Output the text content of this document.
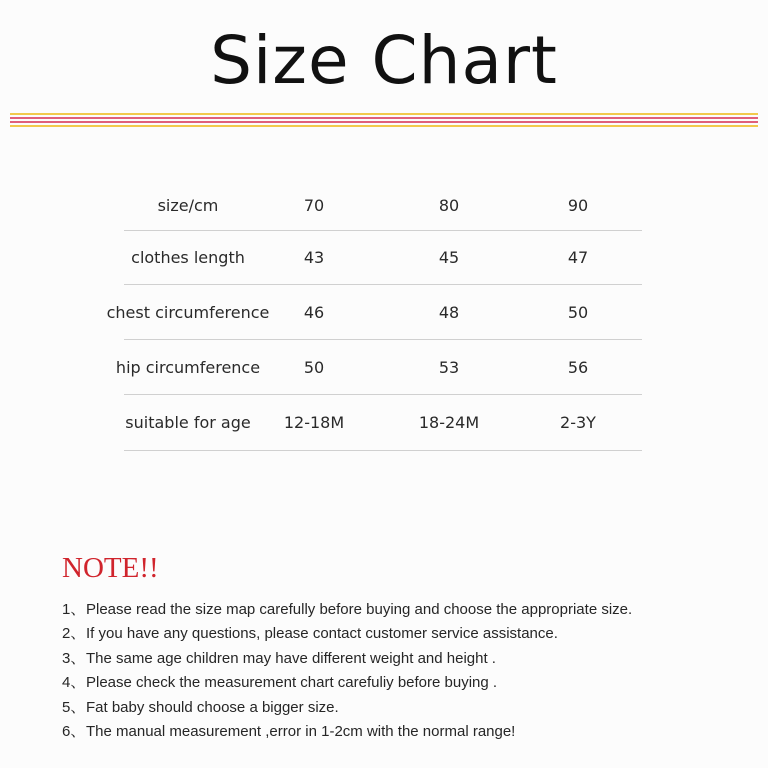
Size Chart
size/cm	70	80	90
clothes length	43	45	47
chest circumference	46	48	50
hip circumference	50	53	56
suitable for age	12-18M	18-24M	2-3Y
NOTE!!
1、Please read the size map carefully before buying and choose the appropriate size.
2、If you have any questions, please contact customer service assistance.
3、The same age children may have different weight and height .
4、Please check the measurement chart carefuliy before buying .
5、Fat baby should choose a bigger size.
6、The manual measurement ,error in 1-2cm with the normal range!
